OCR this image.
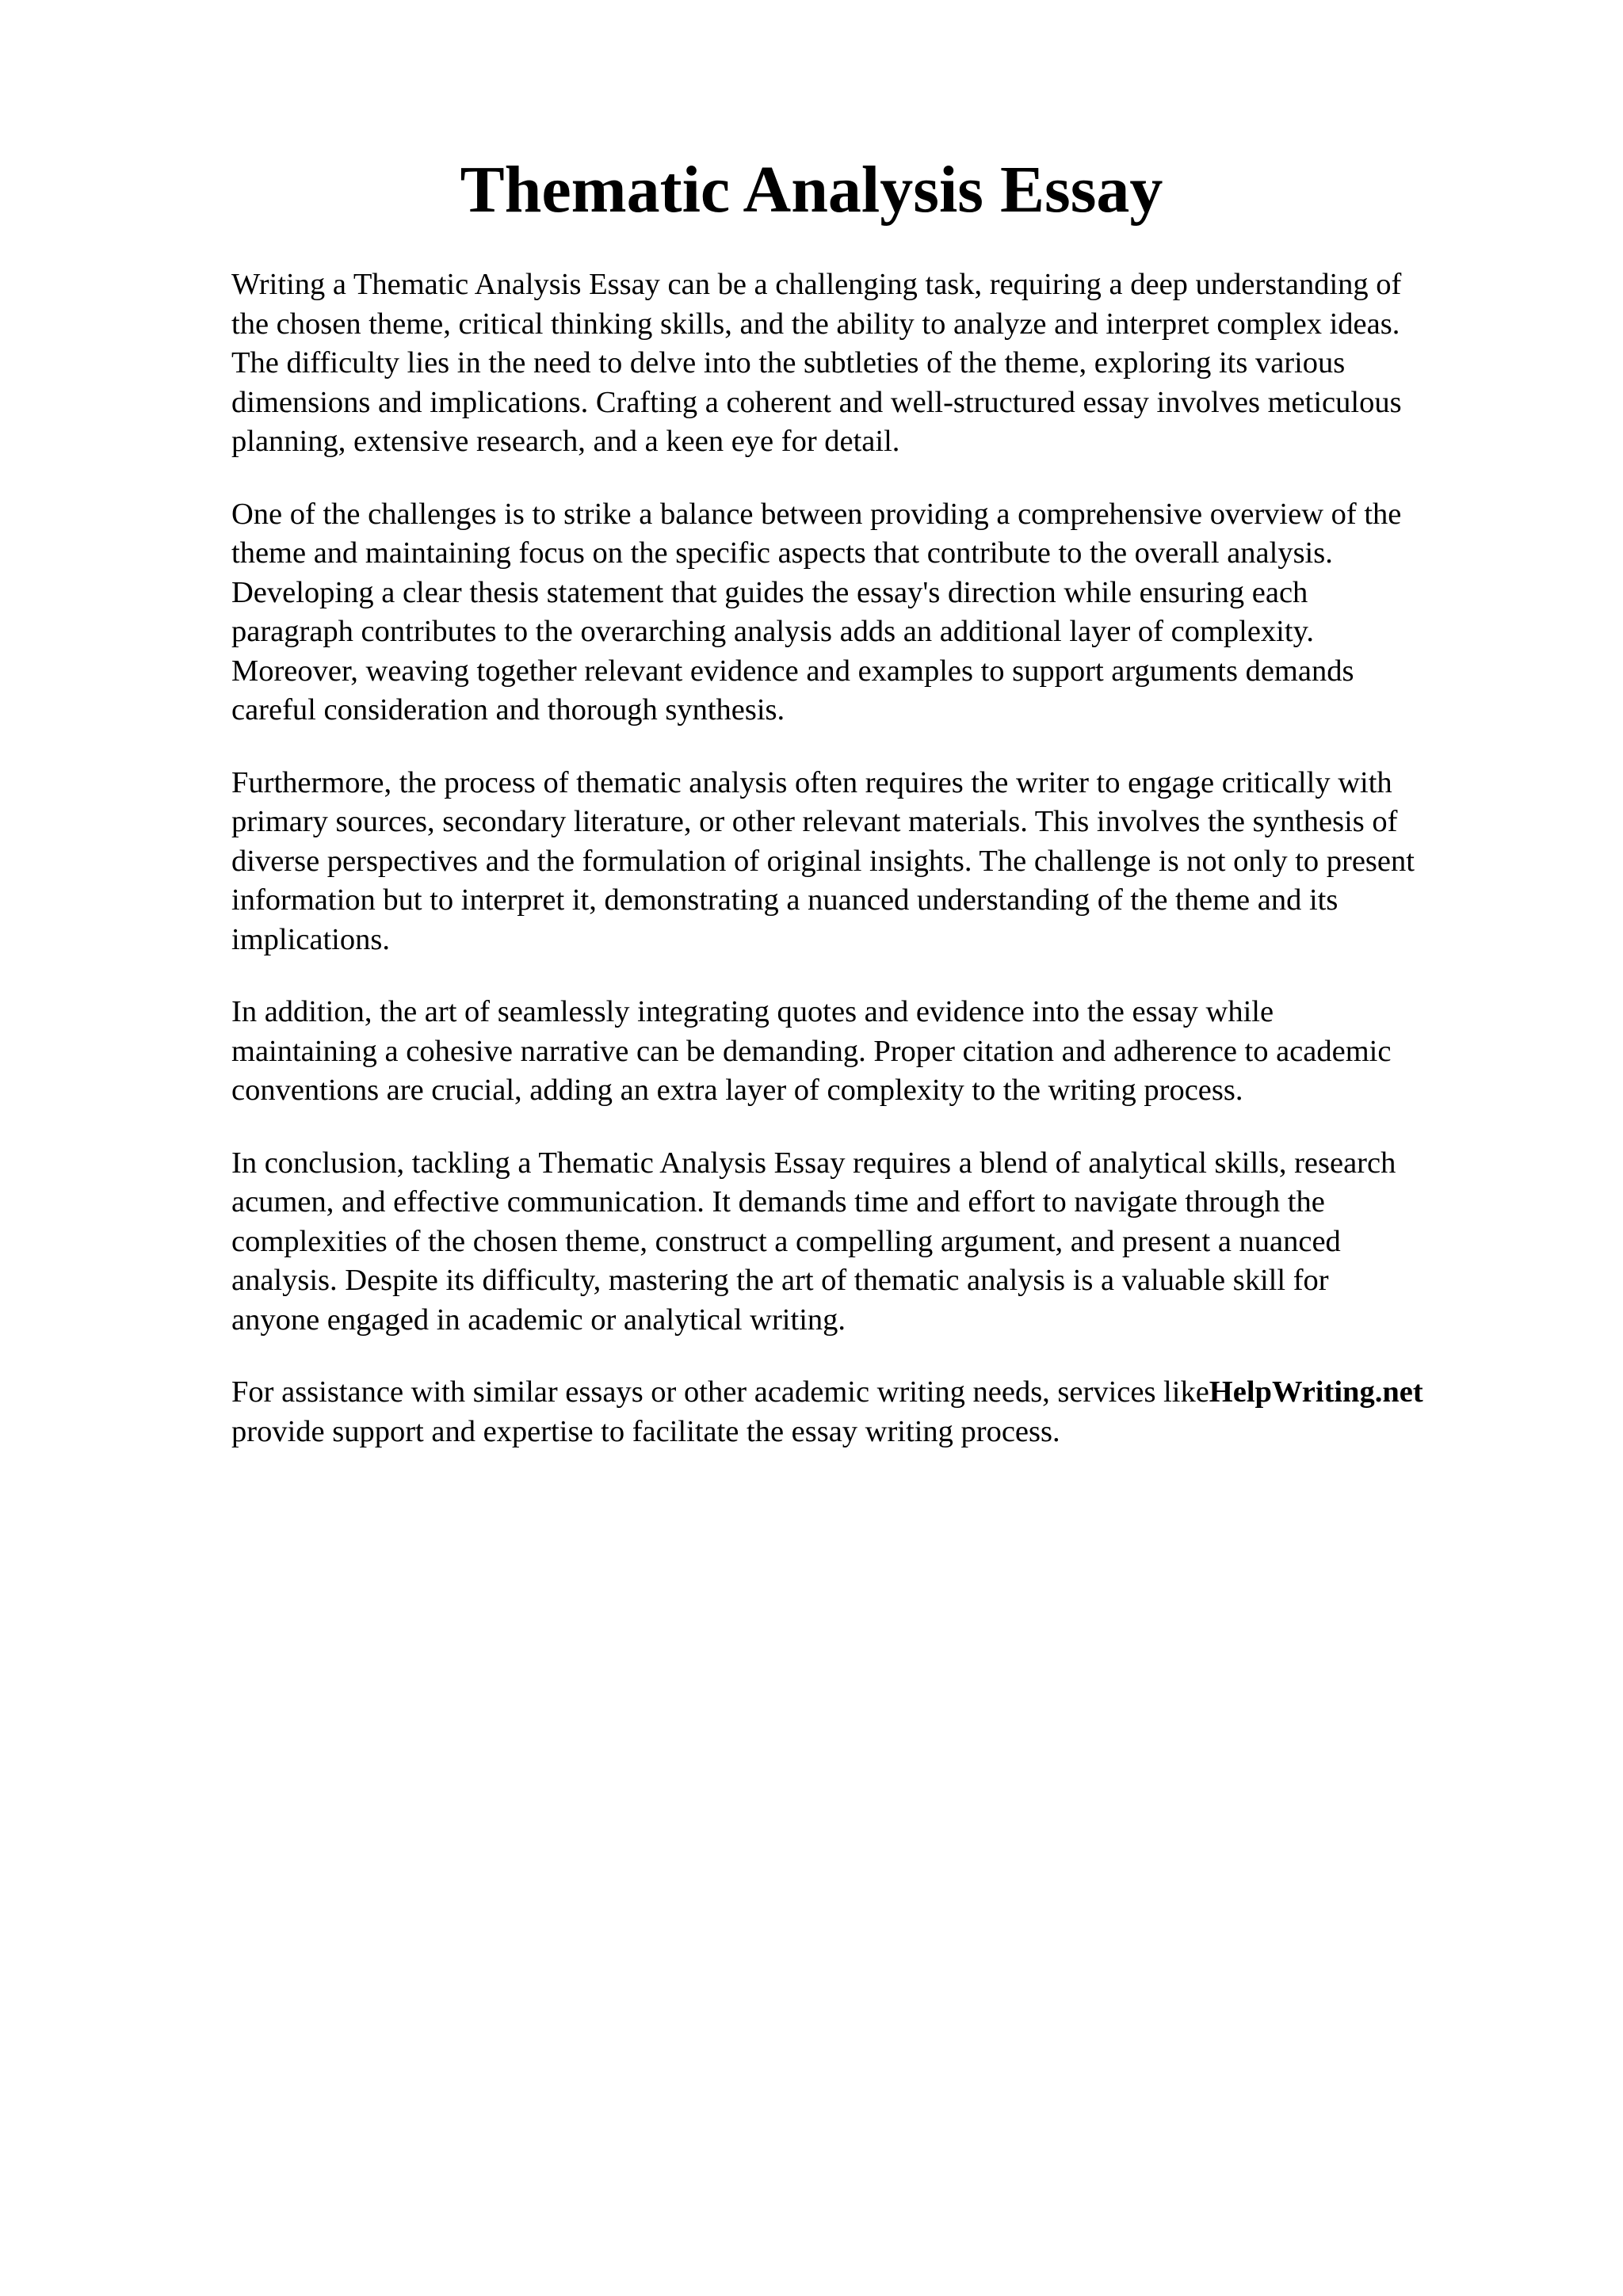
Thematic Analysis Essay

Writing a Thematic Analysis Essay can be a challenging task, requiring a deep understanding of
the chosen theme, critical thinking skills, and the ability to analyze and interpret complex ideas.
The difficulty lies in the need to delve into the subtleties of the theme, exploring its various
dimensions and implications. Crafting a coherent and well-structured essay involves meticulous
planning, extensive research, and a keen eye for detail.

One of the challenges is to strike a balance between providing a comprehensive overview of the
theme and maintaining focus on the specific aspects that contribute to the overall analysis.
Developing a clear thesis statement that guides the essay's direction while ensuring each
paragraph contributes to the overarching analysis adds an additional layer of complexity.
Moreover, weaving together relevant evidence and examples to support arguments demands
careful consideration and thorough synthesis.

Furthermore, the process of thematic analysis often requires the writer to engage critically with
primary sources, secondary literature, or other relevant materials. This involves the synthesis of
diverse perspectives and the formulation of original insights. The challenge is not only to present
information but to interpret it, demonstrating a nuanced understanding of the theme and its
implications.

In addition, the art of seamlessly integrating quotes and evidence into the essay while
maintaining a cohesive narrative can be demanding. Proper citation and adherence to academic
conventions are crucial, adding an extra layer of complexity to the writing process.

In conclusion, tackling a Thematic Analysis Essay requires a blend of analytical skills, research
acumen, and effective communication. It demands time and effort to navigate through the
complexities of the chosen theme, construct a compelling argument, and present a nuanced
analysis. Despite its difficulty, mastering the art of thematic analysis is a valuable skill for
anyone engaged in academic or analytical writing.

For assistance with similar essays or other academic writing needs, services likeHelpWriting.net
provide support and expertise to facilitate the essay writing process.
